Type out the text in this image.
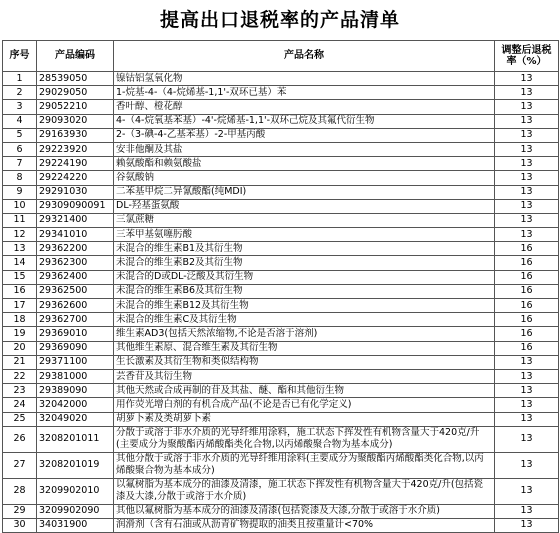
提高出口退税率的产品清单
序号	产品编码	产品名称	调整后退税率（%）
1	28539050	镍钴铝氢氧化物	13
2	29029050	1-烷基-4-（4-烷烯基-1,1'-双环已基）苯	13
3	29052210	香叶醇、橙花醇	13
4	29093020	4-（4-烷氧基苯基）-4'-烷烯基-1,1'-双环己烷及其氟代衍生物	13
5	29163930	2-（3-碘-4-乙基苯基）-2-甲基丙酸	13
6	29223920	安非他酮及其盐	13
7	29224190	赖氨酸酯和赖氨酸盐	13
8	29224220	谷氨酸钠	13
9	29291030	二苯基甲烷二异氰酸酯(纯MDI)	13
10	29309090091	DL-羟基蛋氨酸	13
11	29321400	三氯蔗糖	13
12	29341010	三苯甲基氨噻肟酸	13
13	29362200	未混合的维生素B1及其衍生物	16
14	29362300	未混合的维生素B2及其衍生物	16
15	29362400	未混合的D或DL-泛酸及其衍生物	16
16	29362500	未混合的维生素B6及其衍生物	16
17	29362600	未混合的维生素B12及其衍生物	16
18	29362700	未混合的维生素C及其衍生物	16
19	29369010	维生素AD3(包括天然浓缩物,不论是否溶于溶剂)	16
20	29369090	其他维生素原、混合维生素及其衍生物	16
21	29371100	生长激素及其衍生物和类似结构物	13
22	29381000	芸香苷及其衍生物	13
23	29389090	其他天然或合成再制的苷及其盐、醚、酯和其他衍生物	13
24	32042000	用作荧光增白剂的有机合成产品(不论是否已有化学定义)	13
25	32049020	胡萝卜素及类胡萝卜素	13
26	3208201011	分散于或溶于非水介质的光导纤维用涂料，施工状态下挥发性有机物含量大于420克/升(主要成分为聚酸酯丙烯酸酯类化合物,以丙烯酸聚合物为基本成分)	13
27	3208201019	其他分散于或溶于非水介质的光导纤维用涂料(主要成分为聚酸酯丙烯酸酯类化合物,以丙烯酸聚合物为基本成分)	13
28	3209902010	以氟树脂为基本成分的油漆及清漆，施工状态下挥发性有机物含量大于420克/升(包括瓷漆及大漆,分散于或溶于水介质)	13
29	3209902090	其他以氟树脂为基本成分的油漆及清漆(包括瓷漆及大漆,分散于或溶于水介质)	13
30	34031900	润滑剂（含有石油或从沥青矿物提取的油类且按重量计<70%	13
